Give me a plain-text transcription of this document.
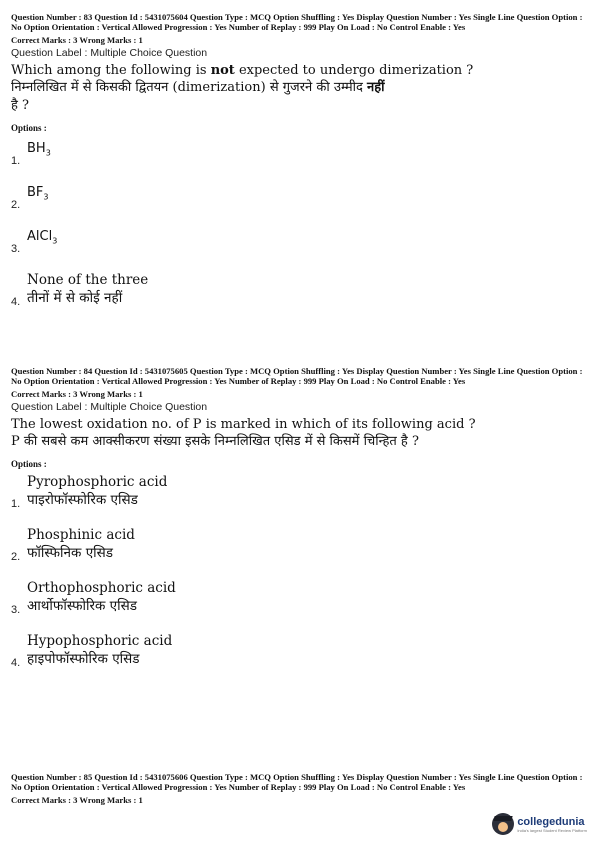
Question Number : 83 Question Id : 5431075604 Question Type : MCQ Option Shuffling : Yes Display Question Number : Yes Single Line Question Option : No Option Orientation : Vertical Allowed Progression : Yes Number of Replay : 999 Play On Load : No Control Enable : Yes
Correct Marks : 3 Wrong Marks : 1
Question Label : Multiple Choice Question
Which among the following is not expected to undergo dimerization ?
निम्नलिखित में से किसकी द्वितयन (dimerization) से गुजरने की उम्मीद नहीं
है ?
Options :
1.
$BH_3$
2.
$BF_3$
3.
AlCl$_3$
4.
None of the three
तीनों में से कोई नहीं
Question Number : 84 Question Id : 5431075605 Question Type : MCQ Option Shuffling : Yes Display Question Number : Yes Single Line Question Option : No Option Orientation : Vertical Allowed Progression : Yes Number of Replay : 999 Play On Load : No Control Enable : Yes
Correct Marks : 3 Wrong Marks : 1
Question Label : Multiple Choice Question
The lowest oxidation no. of P is marked in which of its following acid ?
P की सबसे कम आक्सीकरण संख्या इसके निम्नलिखित एसिड में से किसमें चिन्हित है ?
Options :
1.
Pyrophosphoric acid
पाइरोफॉस्फोरिक एसिड
2.
Phosphinic acid
फॉस्फिनिक एसिड
3.
Orthophosphoric acid
आर्थोफॉस्फोरिक एसिड
4.
Hypophosphoric acid
हाइपोफॉस्फोरिक एसिड
Question Number : 85 Question Id : 5431075606 Question Type : MCQ Option Shuffling : Yes Display Question Number : Yes Single Line Question Option : No Option Orientation : Vertical Allowed Progression : Yes Number of Replay : 999 Play On Load : No Control Enable : Yes
Correct Marks : 3 Wrong Marks : 1
collegedunia
India's largest Student Review Platform
